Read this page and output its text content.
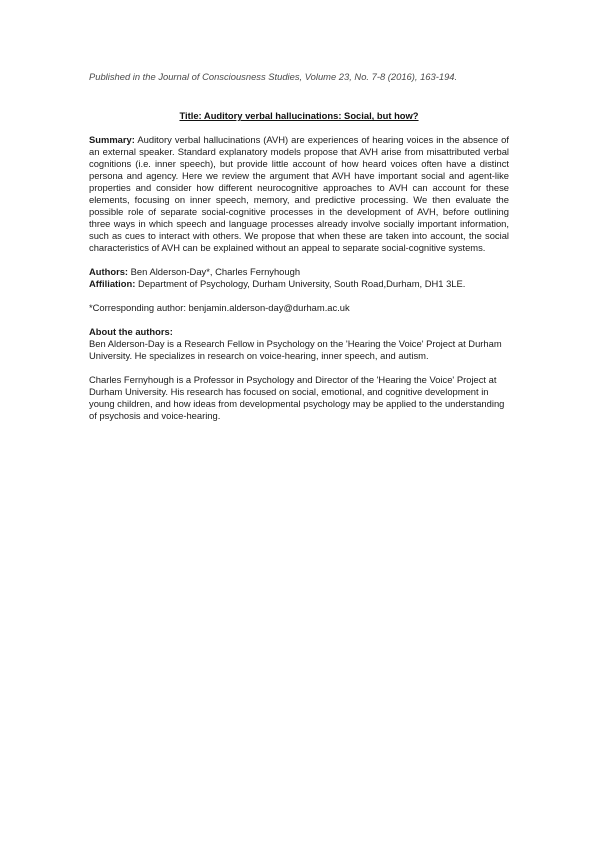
Published in the Journal of Consciousness Studies, Volume 23, No. 7-8 (2016), 163-194.

Title: Auditory verbal hallucinations: Social, but how?

Summary: Auditory verbal hallucinations (AVH) are experiences of hearing voices in the absence of an external speaker. Standard explanatory models propose that AVH arise from misattributed verbal cognitions (i.e. inner speech), but provide little account of how heard voices often have a distinct persona and agency. Here we review the argument that AVH have important social and agent-like properties and consider how different neurocognitive approaches to AVH can account for these elements, focusing on inner speech, memory, and predictive processing. We then evaluate the possible role of separate social-cognitive processes in the development of AVH, before outlining three ways in which speech and language processes already involve socially important information, such as cues to interact with others. We propose that when these are taken into account, the social characteristics of AVH can be explained without an appeal to separate social-cognitive systems.

Authors: Ben Alderson-Day*, Charles Fernyhough

Affiliation: Department of Psychology, Durham University, South Road,Durham, DH1 3LE.

*Corresponding author: benjamin.alderson-day@durham.ac.uk

About the authors:

Ben Alderson-Day is a Research Fellow in Psychology on the 'Hearing the Voice' Project at Durham University. He specializes in research on voice-hearing, inner speech, and autism.

Charles Fernyhough is a Professor in Psychology and Director of the 'Hearing the Voice' Project at Durham University. His research has focused on social, emotional, and cognitive development in young children, and how ideas from developmental psychology may be applied to the understanding of psychosis and voice-hearing.
